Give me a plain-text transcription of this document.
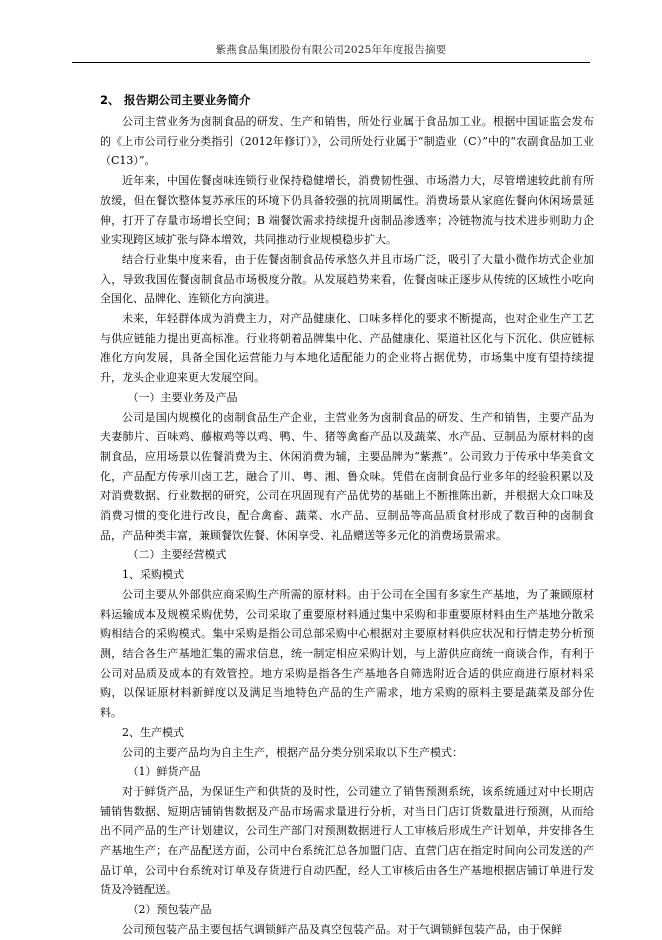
紫燕食品集团股份有限公司2025年年度报告摘要
2、 报告期公司主要业务简介

公司主营业务为卤制食品的研发、生产和销售，所处行业属于食品加工业。根据中国证监会发布的《上市公司行业分类指引（2012年修订）》，公司所处行业属于“制造业（C）”中的“农副食品加工业（C13）”。

近年来，中国佐餐卤味连锁行业保持稳健增长，消费韧性强、市场潜力大，尽管增速较此前有所放缓，但在餐饮整体复苏承压的环境下仍具备较强的抗周期属性。消费场景从家庭佐餐向休闲场景延伸，打开了存量市场增长空间；B 端餐饮需求持续提升卤制品渗透率；冷链物流与技术进步则助力企业实现跨区域扩张与降本增效，共同推动行业规模稳步扩大。

结合行业集中度来看，由于佐餐卤制食品传承悠久并且市场广泛，吸引了大量小微作坊式企业加入，导致我国佐餐卤制食品市场极度分散。从发展趋势来看，佐餐卤味正逐步从传统的区域性小吃向全国化、品牌化、连锁化方向演进。

未来，年轻群体成为消费主力，对产品健康化、口味多样化的要求不断提高，也对企业生产工艺与供应链能力提出更高标准。行业将朝着品牌集中化、产品健康化、渠道社区化与下沉化、供应链标准化方向发展，具备全国化运营能力与本地化适配能力的企业将占据优势，市场集中度有望持续提升，龙头企业迎来更大发展空间。

（一）主要业务及产品

公司是国内规模化的卤制食品生产企业，主营业务为卤制食品的研发、生产和销售，主要产品为夫妻肺片、百味鸡、藤椒鸡等以鸡、鸭、牛、猪等禽畜产品以及蔬菜、水产品、豆制品为原材料的卤制食品，应用场景以佐餐消费为主、休闲消费为辅，主要品牌为“紫燕”。公司致力于传承中华美食文化，产品配方传承川卤工艺，融合了川、粤、湘、鲁众味。凭借在卤制食品行业多年的经验积累以及对消费数据、行业数据的研究，公司在巩固现有产品优势的基础上不断推陈出新，并根据大众口味及消费习惯的变化进行改良，配合禽畜、蔬菜、水产品、豆制品等高品质食材形成了数百种的卤制食品，产品种类丰富，兼顾餐饮佐餐、休闲享受、礼品赠送等多元化的消费场景需求。

（二）主要经营模式

1、采购模式

公司主要从外部供应商采购生产所需的原材料。由于公司在全国有多家生产基地，为了兼顾原材料运输成本及规模采购优势，公司采取了重要原材料通过集中采购和非重要原材料由生产基地分散采购相结合的采购模式。集中采购是指公司总部采购中心根据对主要原材料供应状况和行情走势分析预测，结合各生产基地汇集的需求信息，统一制定相应采购计划，与上游供应商统一商谈合作，有利于公司对品质及成本的有效管控。地方采购是指各生产基地各自筛选附近合适的供应商进行原材料采购，以保证原材料新鲜度以及满足当地特色产品的生产需求，地方采购的原料主要是蔬菜及部分佐料。

2、生产模式

公司的主要产品均为自主生产，根据产品分类分别采取以下生产模式：

（1）鲜货产品

对于鲜货产品，为保证生产和供货的及时性，公司建立了销售预测系统，该系统通过对中长期店铺销售数据、短期店铺销售数据及产品市场需求量进行分析，对当日门店订货数量进行预测，从而给出不同产品的生产计划建议，公司生产部门对预测数据进行人工审核后形成生产计划单，并安排各生产基地生产；在产品配送方面，公司中台系统汇总各加盟门店、直营门店在指定时间向公司发送的产品订单，公司中台系统对订单及存货进行自动匹配，经人工审核后由各生产基地根据店铺订单进行发货及冷链配送。

（2）预包装产品

公司预包装产品主要包括气调锁鲜产品及真空包装产品。对于气调锁鲜包装产品，由于保鲜
